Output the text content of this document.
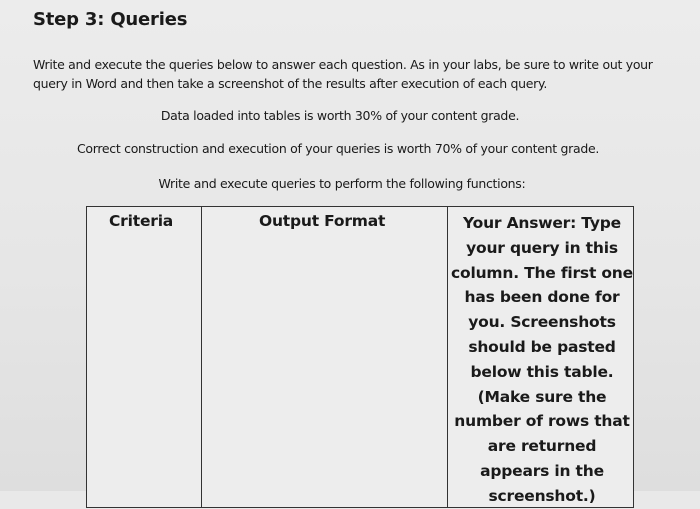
Step 3: Queries
Write and execute the queries below to answer each question. As in your labs, be sure to write out your query in Word and then take a screenshot of the results after execution of each query.
Data loaded into tables is worth 30% of your content grade.
Correct construction and execution of your queries is worth 70% of your content grade.
Write and execute queries to perform the following functions:
Criteria	Output Format	Your Answer: Type your query in this column. The first one has been done for you. Screenshots should be pasted below this table. (Make sure the number of rows that are returned appears in the screenshot.)
